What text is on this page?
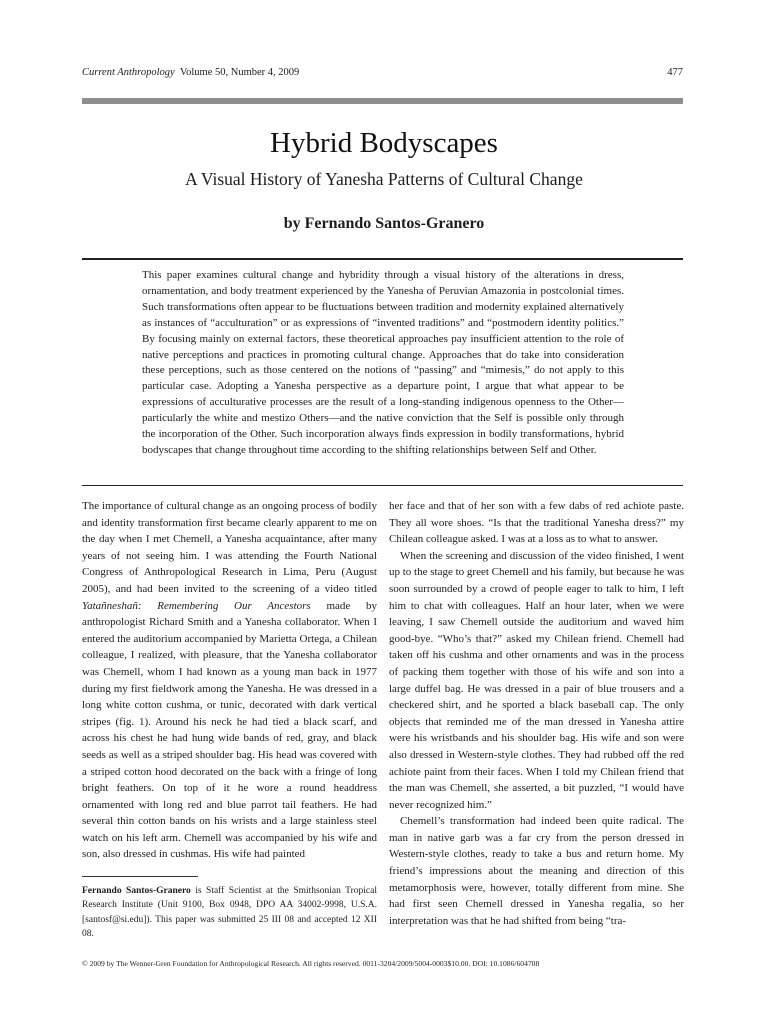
Current Anthropology Volume 50, Number 4, 2009	477
Hybrid Bodyscapes
A Visual History of Yanesha Patterns of Cultural Change

by Fernando Santos-Granero

This paper examines cultural change and hybridity through a visual history of the alterations in dress, ornamentation, and body treatment experienced by the Yanesha of Peruvian Amazonia in postcolonial times. Such transformations often appear to be fluctuations between tradition and modernity explained alternatively as instances of “acculturation” or as expressions of “invented traditions” and “postmodern identity politics.” By focusing mainly on external factors, these theoretical approaches pay insufficient attention to the role of native perceptions and practices in promoting cultural change. Approaches that do take into consideration these perceptions, such as those centered on the notions of “passing” and “mimesis,” do not apply to this particular case. Adopting a Yanesha perspective as a departure point, I argue that what appear to be expressions of acculturative processes are the result of a long-standing indigenous openness to the Other—particularly the white and mestizo Others—and the native conviction that the Self is possible only through the incorporation of the Other. Such incorporation always finds expression in bodily transformations, hybrid bodyscapes that change throughout time according to the shifting relationships between Self and Other.

The importance of cultural change as an ongoing process of bodily and identity transformation first became clearly apparent to me on the day when I met Chemell, a Yanesha acquaintance, after many years of not seeing him. I was attending the Fourth National Congress of Anthropological Research in Lima, Peru (August 2005), and had been invited to the screening of a video titled Yatañneshañ: Remembering Our Ancestors made by anthropologist Richard Smith and a Yanesha collaborator. When I entered the auditorium accompanied by Marietta Ortega, a Chilean colleague, I realized, with pleasure, that the Yanesha collaborator was Chemell, whom I had known as a young man back in 1977 during my first fieldwork among the Yanesha. He was dressed in a long white cotton cushma, or tunic, decorated with dark vertical stripes (fig. 1). Around his neck he had tied a black scarf, and across his chest he had hung wide bands of red, gray, and black seeds as well as a striped shoulder bag. His head was covered with a striped cotton hood decorated on the back with a fringe of long bright feathers. On top of it he wore a round headdress ornamented with long red and blue parrot tail feathers. He had several thin cotton bands on his wrists and a large stainless steel watch on his left arm. Chemell was accompanied by his wife and son, also dressed in cushmas. His wife had painted

her face and that of her son with a few dabs of red achiote paste. They all wore shoes. “Is that the traditional Yanesha dress?” my Chilean colleague asked. I was at a loss as to what to answer.

When the screening and discussion of the video finished, I went up to the stage to greet Chemell and his family, but because he was soon surrounded by a crowd of people eager to talk to him, I left him to chat with colleagues. Half an hour later, when we were leaving, I saw Chemell outside the auditorium and waved him good-bye. “Who’s that?” asked my Chilean friend. Chemell had taken off his cushma and other ornaments and was in the process of packing them together with those of his wife and son into a large duffel bag. He was dressed in a pair of blue trousers and a checkered shirt, and he sported a black baseball cap. The only objects that reminded me of the man dressed in Yanesha attire were his wristbands and his shoulder bag. His wife and son were also dressed in Western-style clothes. They had rubbed off the red achiote paint from their faces. When I told my Chilean friend that the man was Chemell, she asserted, a bit puzzled, “I would have never recognized him.”

Chemell’s transformation had indeed been quite radical. The man in native garb was a far cry from the person dressed in Western-style clothes, ready to take a bus and return home. My friend’s impressions about the meaning and direction of this metamorphosis were, however, totally different from mine. She had first seen Chemell dressed in Yanesha regalia, so her interpretation was that he had shifted from being “tra-

Fernando Santos-Granero is Staff Scientist at the Smithsonian Tropical Research Institute (Unit 9100, Box 0948, DPO AA 34002-9998, U.S.A. [santosf@si.edu]). This paper was submitted 25 III 08 and accepted 12 XII 08.

© 2009 by The Wenner-Gren Foundation for Anthropological Research. All rights reserved. 0011-3204/2009/5004-0003$10.00. DOI: 10.1086/604708
